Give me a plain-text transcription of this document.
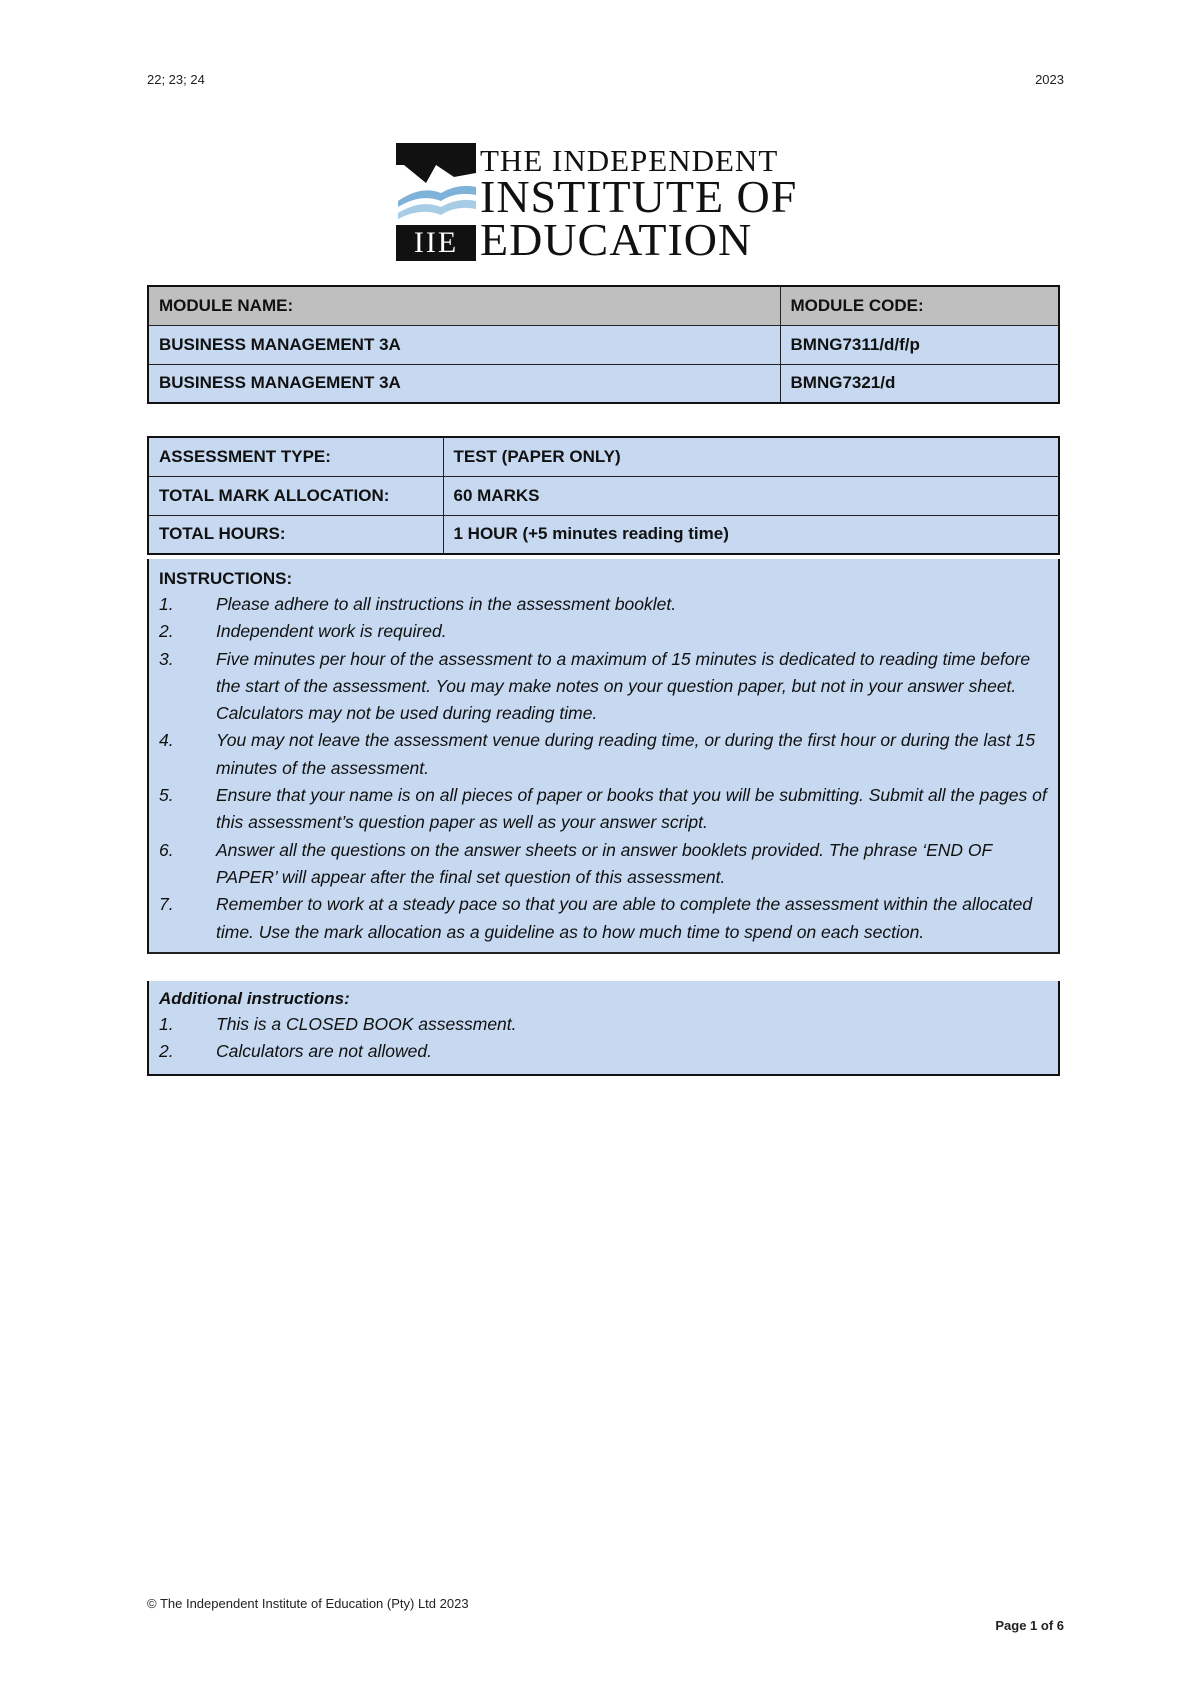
22; 23; 24	2023
IIE
THE INDEPENDENT
INSTITUTE OF
EDUCATION
MODULE NAME:	MODULE CODE:
BUSINESS MANAGEMENT 3A	BMNG7311/d/f/p
BUSINESS MANAGEMENT 3A	BMNG7321/d
ASSESSMENT TYPE:	TEST (PAPER ONLY)
TOTAL MARK ALLOCATION:	60 MARKS
TOTAL HOURS:	1 HOUR (+5 minutes reading time)
INSTRUCTIONS:
1.	Please adhere to all instructions in the assessment booklet.
2.	Independent work is required.
3.	Five minutes per hour of the assessment to a maximum of 15 minutes is dedicated to reading time before the start of the assessment. You may make notes on your question paper, but not in your answer sheet. Calculators may not be used during reading time.
4.	You may not leave the assessment venue during reading time, or during the first hour or during the last 15 minutes of the assessment.
5.	Ensure that your name is on all pieces of paper or books that you will be submitting. Submit all the pages of this assessment’s question paper as well as your answer script.
6.	Answer all the questions on the answer sheets or in answer booklets provided. The phrase ‘END OF PAPER’ will appear after the final set question of this assessment.
7.	Remember to work at a steady pace so that you are able to complete the assessment within the allocated time. Use the mark allocation as a guideline as to how much time to spend on each section.
Additional instructions:
1.	This is a CLOSED BOOK assessment.
2.	Calculators are not allowed.
© The Independent Institute of Education (Pty) Ltd 2023
Page 1 of 6
